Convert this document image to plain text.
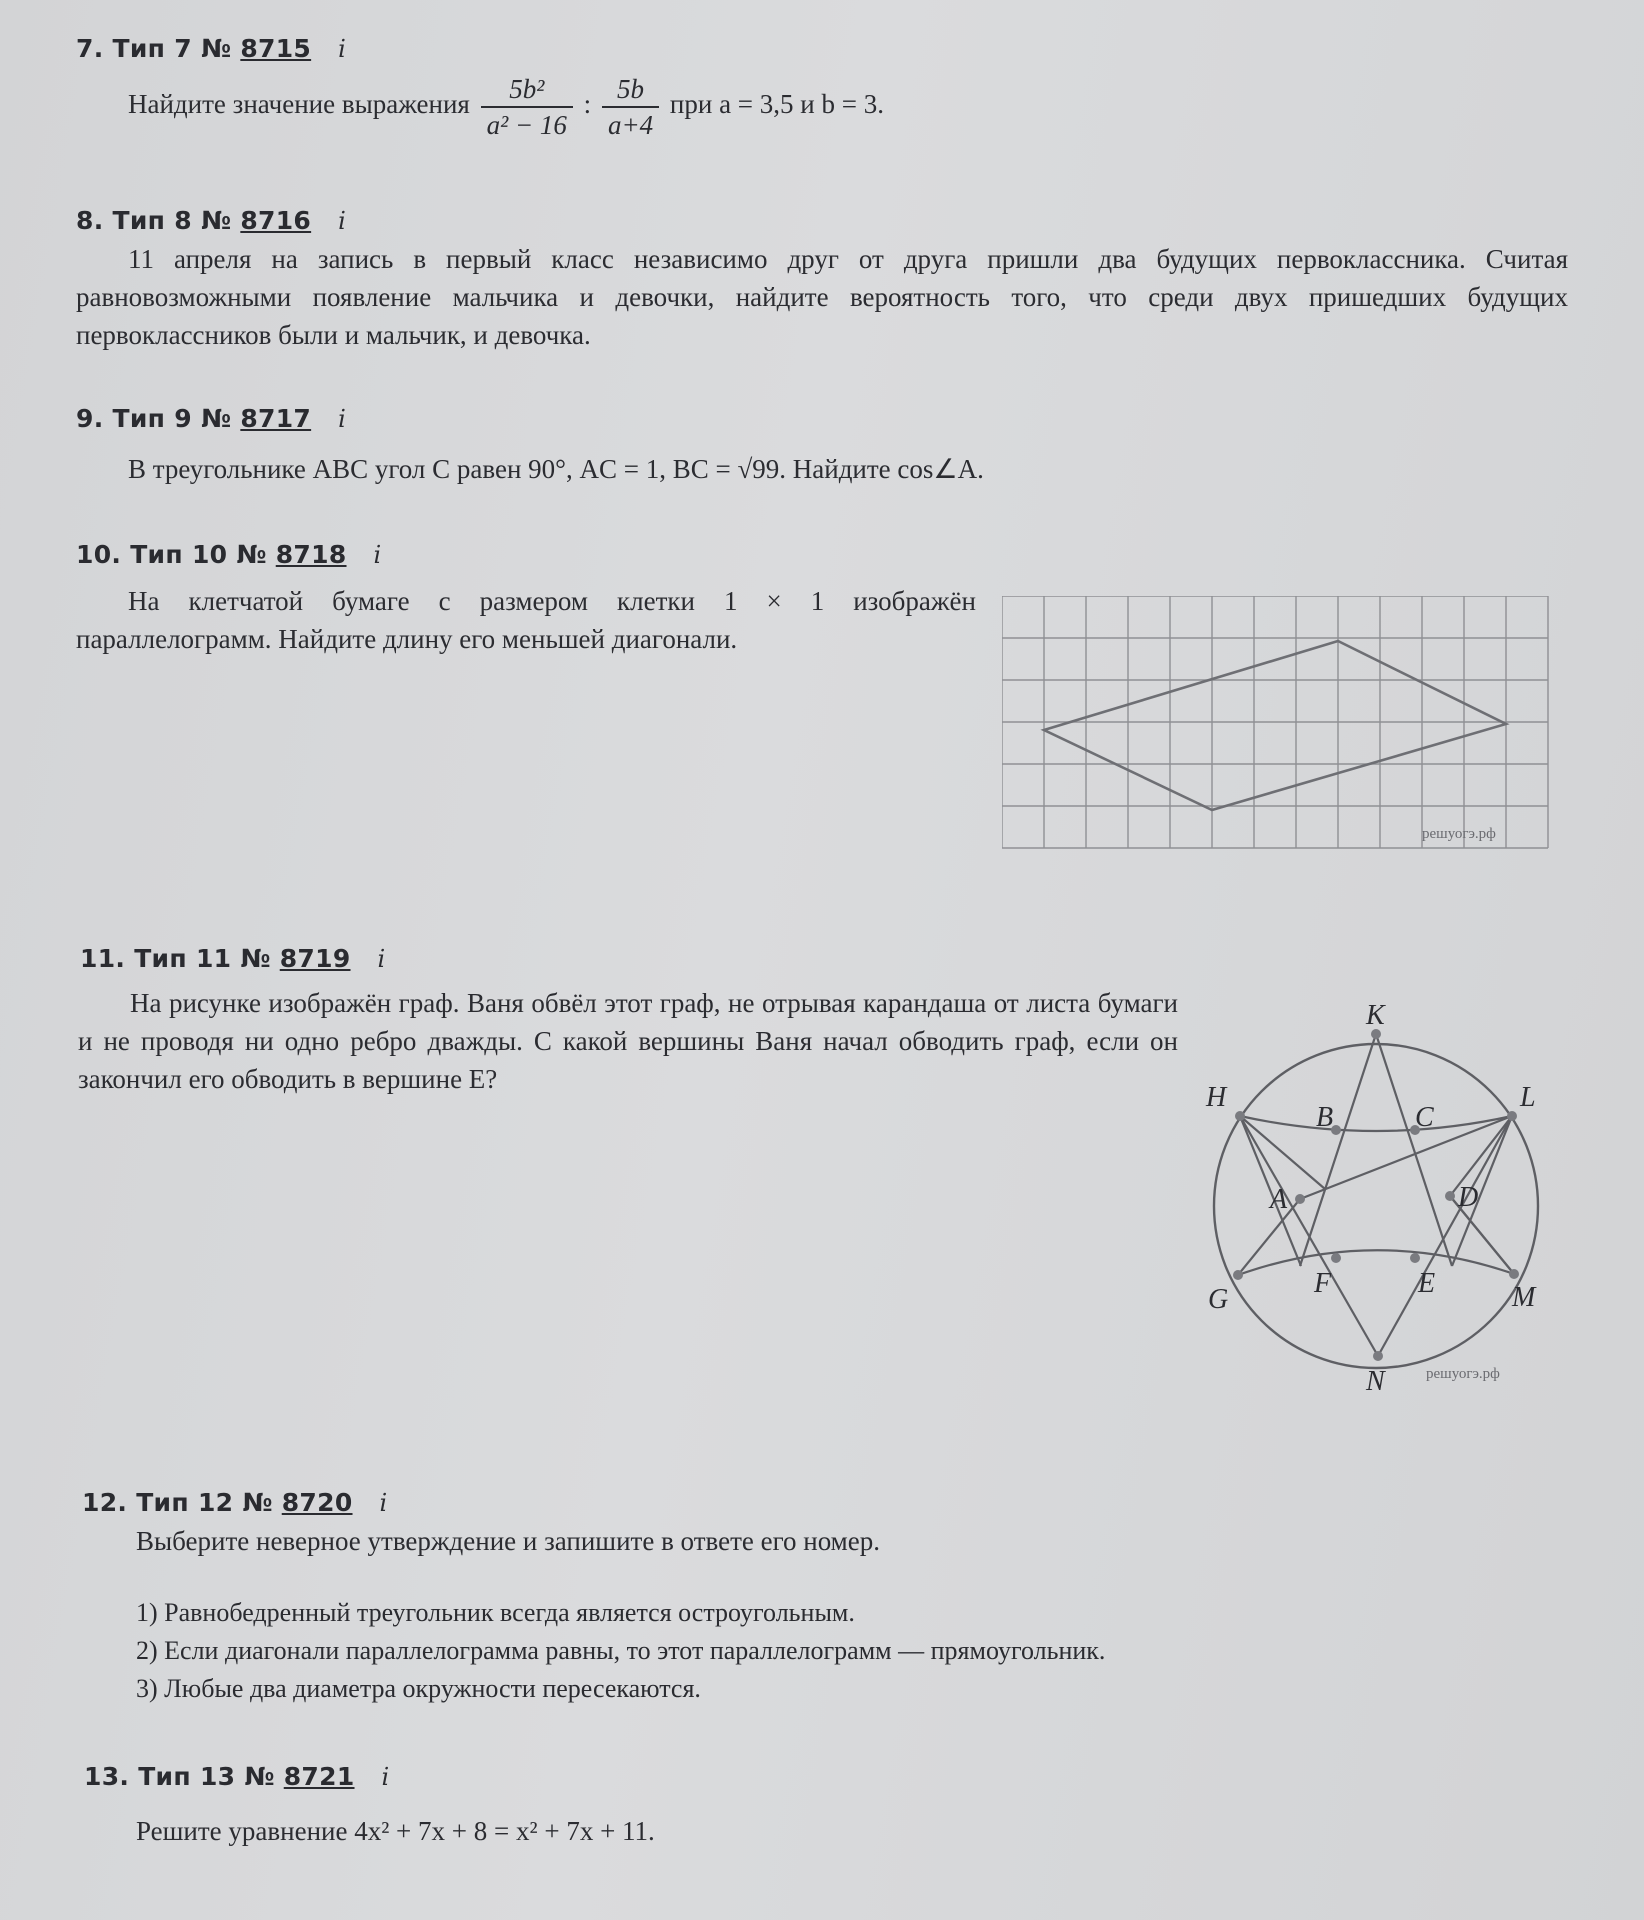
7. Тип 7 № 8715 i
Найдите значение выражения $\frac{\text{5b²}}{\text{a² − 16}}$ : $\frac{5b}{a+4}$ при a = 3,5 и b = 3.
8. Тип 8 № 8716 i
11 апреля на запись в первый класс независимо друг от друга пришли два будущих первоклассника. Считая равновозможными появление мальчика и девочки, найдите вероятность того, что среди двух пришедших будущих первоклассников были и мальчик, и девочка.
9. Тип 9 № 8717 i
В треугольнике ABC угол C равен 90°, AC = 1, BC = √99. Найдите cos∠A.
10. Тип 10 № 8718 i
На клетчатой бумаге с размером клетки 1 × 1 изображён параллелограмм. Найдите длину его меньшей диагонали.
решуогэ.рф
11. Тип 11 № 8719 i
На рисунке изображён граф. Ваня обвёл этот граф, не отрывая карандаша от листа бумаги и не проводя ни одно ребро дважды. С какой вершины Ваня начал обводить граф, если он закончил его обводить в вершине E?
K
L
M
N
G
H
A
B	C
D
E
F
решуогэ.рф
12. Тип 12 № 8720 i
Выберите неверное утверждение и запишите в ответе его номер.
1) Равнобедренный треугольник всегда является остроугольным.
2) Если диагонали параллелограмма равны, то этот параллелограмм — прямоугольник.
3) Любые два диаметра окружности пересекаются.
13. Тип 13 № 8721 i
Решите уравнение 4x² + 7x + 8 = x² + 7x + 11.
